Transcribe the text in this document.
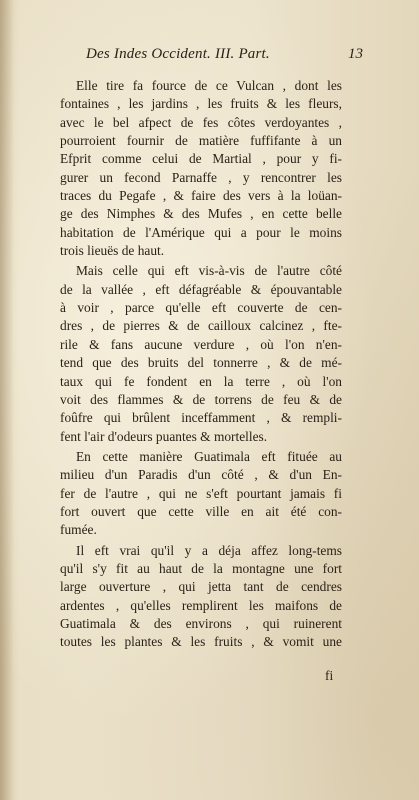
Des Indes Occident. III. Part.	13
Elle tire fa fource de ce Vulcan , dont les
fontaines , les jardins , les fruits & les fleurs,
avec le bel afpect de fes côtes verdoyantes ,
pourroient fournir de matière fuffifante à un
Efprit comme celui de Martial , pour y fi-
gurer un fecond Parnaffe , y rencontrer les
traces du Pegafe , & faire des vers à la loüan-
ge des Nimphes & des Mufes , en cette belle
habitation de l'Amérique qui a pour le moins
trois lieuës de haut.
Mais celle qui eft vis-à-vis de l'autre côté
de la vallée , eft défagréable & épouvantable
à voir , parce qu'elle eft couverte de cen-
dres , de pierres & de cailloux calcinez , fte-
rile & fans aucune verdure , où l'on n'en-
tend que des bruits del tonnerre , & de mé-
taux qui fe fondent en la terre , où l'on
voit des flammes & de torrens de feu & de
foûfre qui brûlent inceffamment , & rempli-
fent l'air d'odeurs puantes & mortelles.
En cette manière Guatimala eft fituée au
milieu d'un Paradis d'un côté , & d'un En-
fer de l'autre , qui ne s'eft pourtant jamais fi
fort ouvert que cette ville en ait été con-
fumée.
Il eft vrai qu'il y a déja affez long-tems
qu'il s'y fit au haut de la montagne une fort
large ouverture , qui jetta tant de cendres
ardentes , qu'elles remplirent les maifons de
Guatimala & des environs , qui ruinerent
toutes les plantes & les fruits , & vomit une
fi
